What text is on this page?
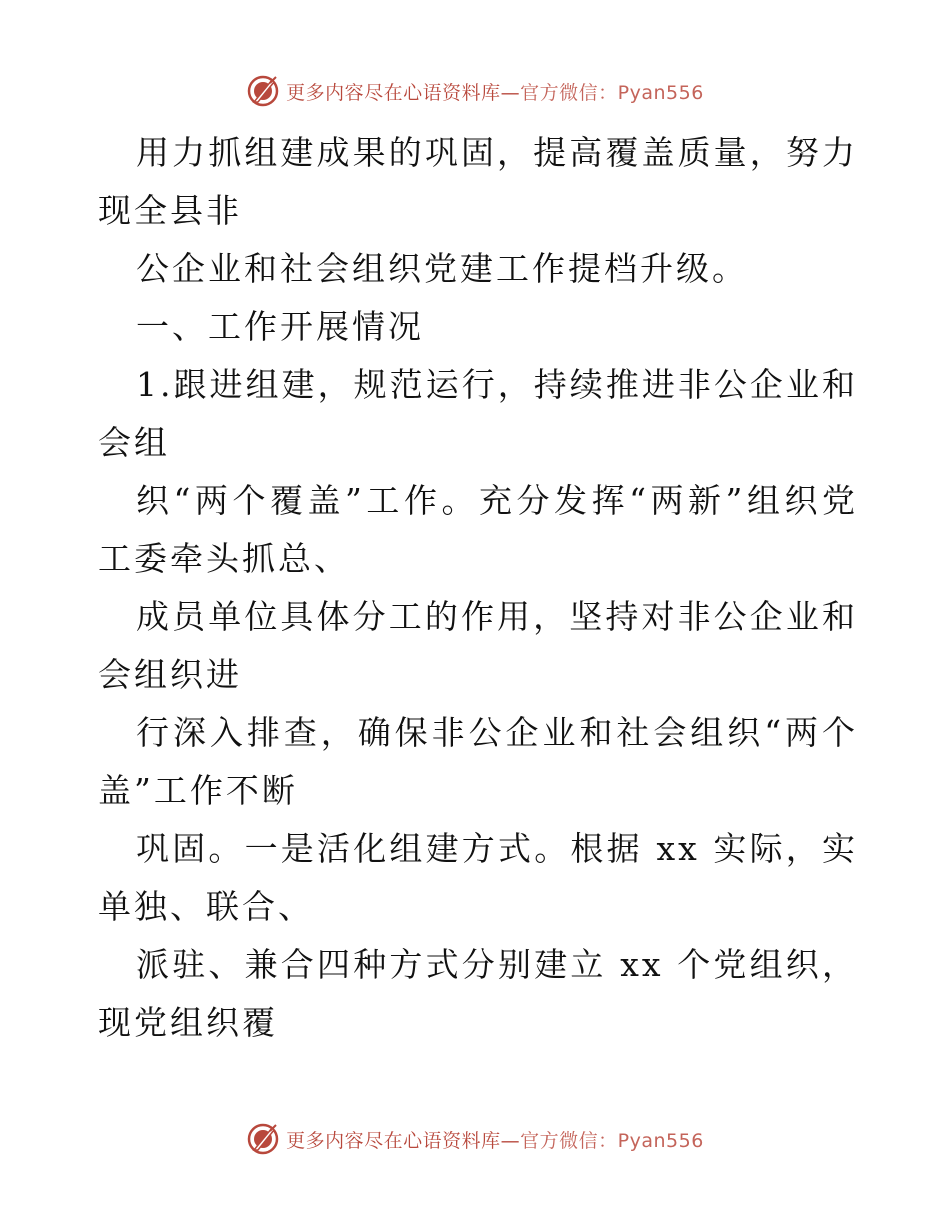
更多内容尽在心语资料库—官方微信：Pyan556
用力抓组建成果的巩固，提高覆盖质量，努力
现全县非
公企业和社会组织党建工作提档升级。
一、工作开展情况
1.跟进组建，规范运行，持续推进非公企业和
会组
织“两个覆盖”工作。充分发挥“两新”组织党
工委牵头抓总、
成员单位具体分工的作用，坚持对非公企业和
会组织进
行深入排查，确保非公企业和社会组织“两个
盖”工作不断
巩固。一是活化组建方式。根据 xx 实际，实
单独、联合、
派驻、兼合四种方式分别建立 xx 个党组织，
现党组织覆
更多内容尽在心语资料库—官方微信：Pyan556
